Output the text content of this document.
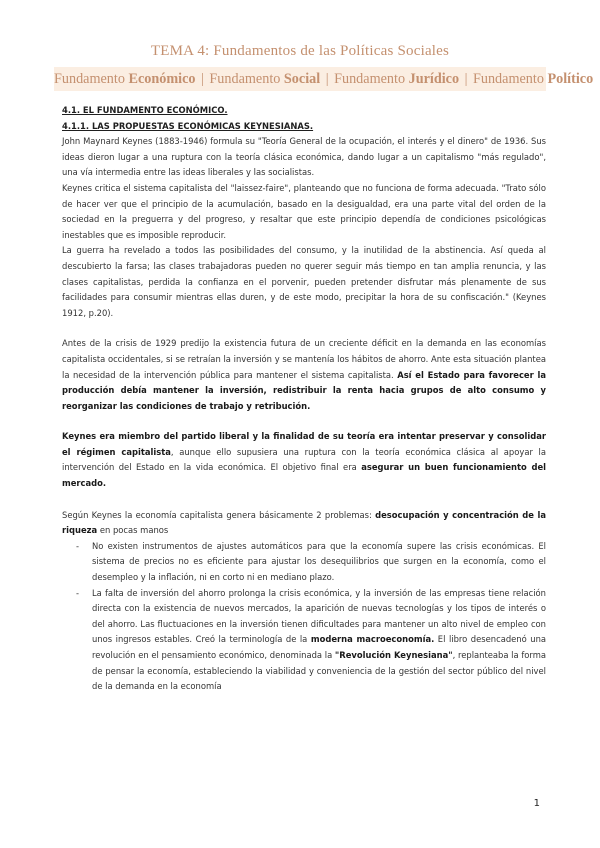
TEMA 4: Fundamentos de las Políticas Sociales
Fundamento Económico | Fundamento Social | Fundamento Jurídico | Fundamento Político
4.1. EL FUNDAMENTO ECONÓMICO.
4.1.1. LAS PROPUESTAS ECONÓMICAS KEYNESIANAS.

John Maynard Keynes (1883-1946) formula su "Teoría General de la ocupación, el interés y el dinero" de 1936. Sus ideas dieron lugar a una ruptura con la teoría clásica económica, dando lugar a un capitalismo "más regulado", una vía intermedia entre las ideas liberales y las socialistas.

Keynes critica el sistema capitalista del "laissez-faire", planteando que no funciona de forma adecuada. "Trato sólo de hacer ver que el principio de la acumulación, basado en la desigualdad, era una parte vital del orden de la sociedad en la preguerra y del progreso, y resaltar que este principio dependía de condiciones psicológicas inestables que es imposible reproducir.

La guerra ha revelado a todos las posibilidades del consumo, y la inutilidad de la abstinencia. Así queda al descubierto la farsa; las clases trabajadoras pueden no querer seguir más tiempo en tan amplia renuncia, y las clases capitalistas, perdida la confianza en el porvenir, pueden pretender disfrutar más plenamente de sus facilidades para consumir mientras ellas duren, y de este modo, precipitar la hora de su confiscación." (Keynes 1912, p.20).

Antes de la crisis de 1929 predijo la existencia futura de un creciente déficit en la demanda en las economías capitalista occidentales, si se retraían la inversión y se mantenía los hábitos de ahorro. Ante esta situación plantea la necesidad de la intervención pública para mantener el sistema capitalista. Así el Estado para favorecer la producción debía mantener la inversión, redistribuir la renta hacia grupos de alto consumo y reorganizar las condiciones de trabajo y retribución.

Keynes era miembro del partido liberal y la finalidad de su teoría era intentar preservar y consolidar el régimen capitalista, aunque ello supusiera una ruptura con la teoría económica clásica al apoyar la intervención del Estado en la vida económica. El objetivo final era asegurar un buen funcionamiento del mercado.

Según Keynes la economía capitalista genera básicamente 2 problemas: desocupación y concentración de la riqueza en pocas manos

- No existen instrumentos de ajustes automáticos para que la economía supere las crisis económicas. El sistema de precios no es eficiente para ajustar los desequilibrios que surgen en la economía, como el desempleo y la inflación, ni en corto ni en mediano plazo.
- La falta de inversión del ahorro prolonga la crisis económica, y la inversión de las empresas tiene relación directa con la existencia de nuevos mercados, la aparición de nuevas tecnologías y los tipos de interés o del ahorro. Las fluctuaciones en la inversión tienen dificultades para mantener un alto nivel de empleo con unos ingresos estables. Creó la terminología de la moderna macroeconomía. El libro desencadenó una revolución en el pensamiento económico, denominada la "Revolución Keynesiana", replanteaba la forma de pensar la economía, estableciendo la viabilidad y conveniencia de la gestión del sector público del nivel de la demanda en la economía
1
